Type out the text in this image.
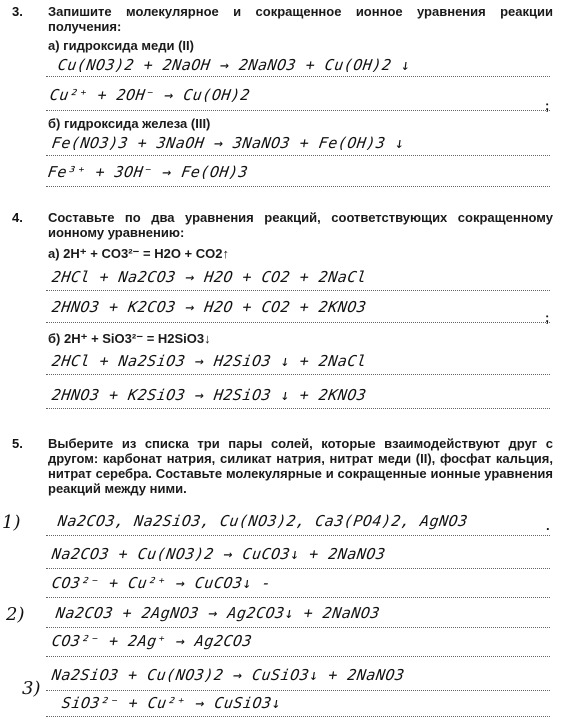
3. Запишите молекулярное и сокращенное ионное уравнения реакции получения:
а) гидроксида меди (II)
Cu(NO3)2 + 2NaOH → 2NaNO3 + Cu(OH)2 ↓
Cu²⁺ + 2OH⁻ → Cu(OH)2
;
б) гидроксида железа (III)
Fe(NO3)3 + 3NaOH → 3NaNO3 + Fe(OH)3 ↓
Fe³⁺ + 3OH⁻ → Fe(OH)3
4. Составьте по два уравнения реакций, соответствующих сокращенному ионному уравнению:
а) 2H⁺ + CO3²⁻ = H2O + CO2↑
2HCl + Na2CO3 → H2O + CO2 + 2NaCl
2HNO3 + K2CO3 → H2O + CO2 + 2KNO3
;
б) 2H⁺ + SiO3²⁻ = H2SiO3↓
2HCl + Na2SiO3 → H2SiO3 ↓ + 2NaCl
2HNO3 + K2SiO3 → H2SiO3 ↓ + 2KNO3
5. Выберите из списка три пары солей, которые взаимодействуют друг с другом: карбонат натрия, силикат натрия, нитрат меди (II), фосфат кальция, нитрат серебра. Составьте молекулярные и сокращенные ионные уравнения реакций между ними.
1) Na2CO3, Na2SiO3, Cu(NO3)2, Ca3(PO4)2, AgNO3	.
Na2CO3 + Cu(NO3)2 → CuCO3↓ + 2NaNO3
CO3²⁻ + Cu²⁺ → CuCO3↓ -
2) Na2CO3 + 2AgNO3 → Ag2CO3↓ + 2NaNO3
CO3²⁻ + 2Ag⁺ → Ag2CO3
3)
Na2SiO3 + Cu(NO3)2 → CuSiO3↓ + 2NaNO3
SiO3²⁻ + Cu²⁺ → CuSiO3↓
